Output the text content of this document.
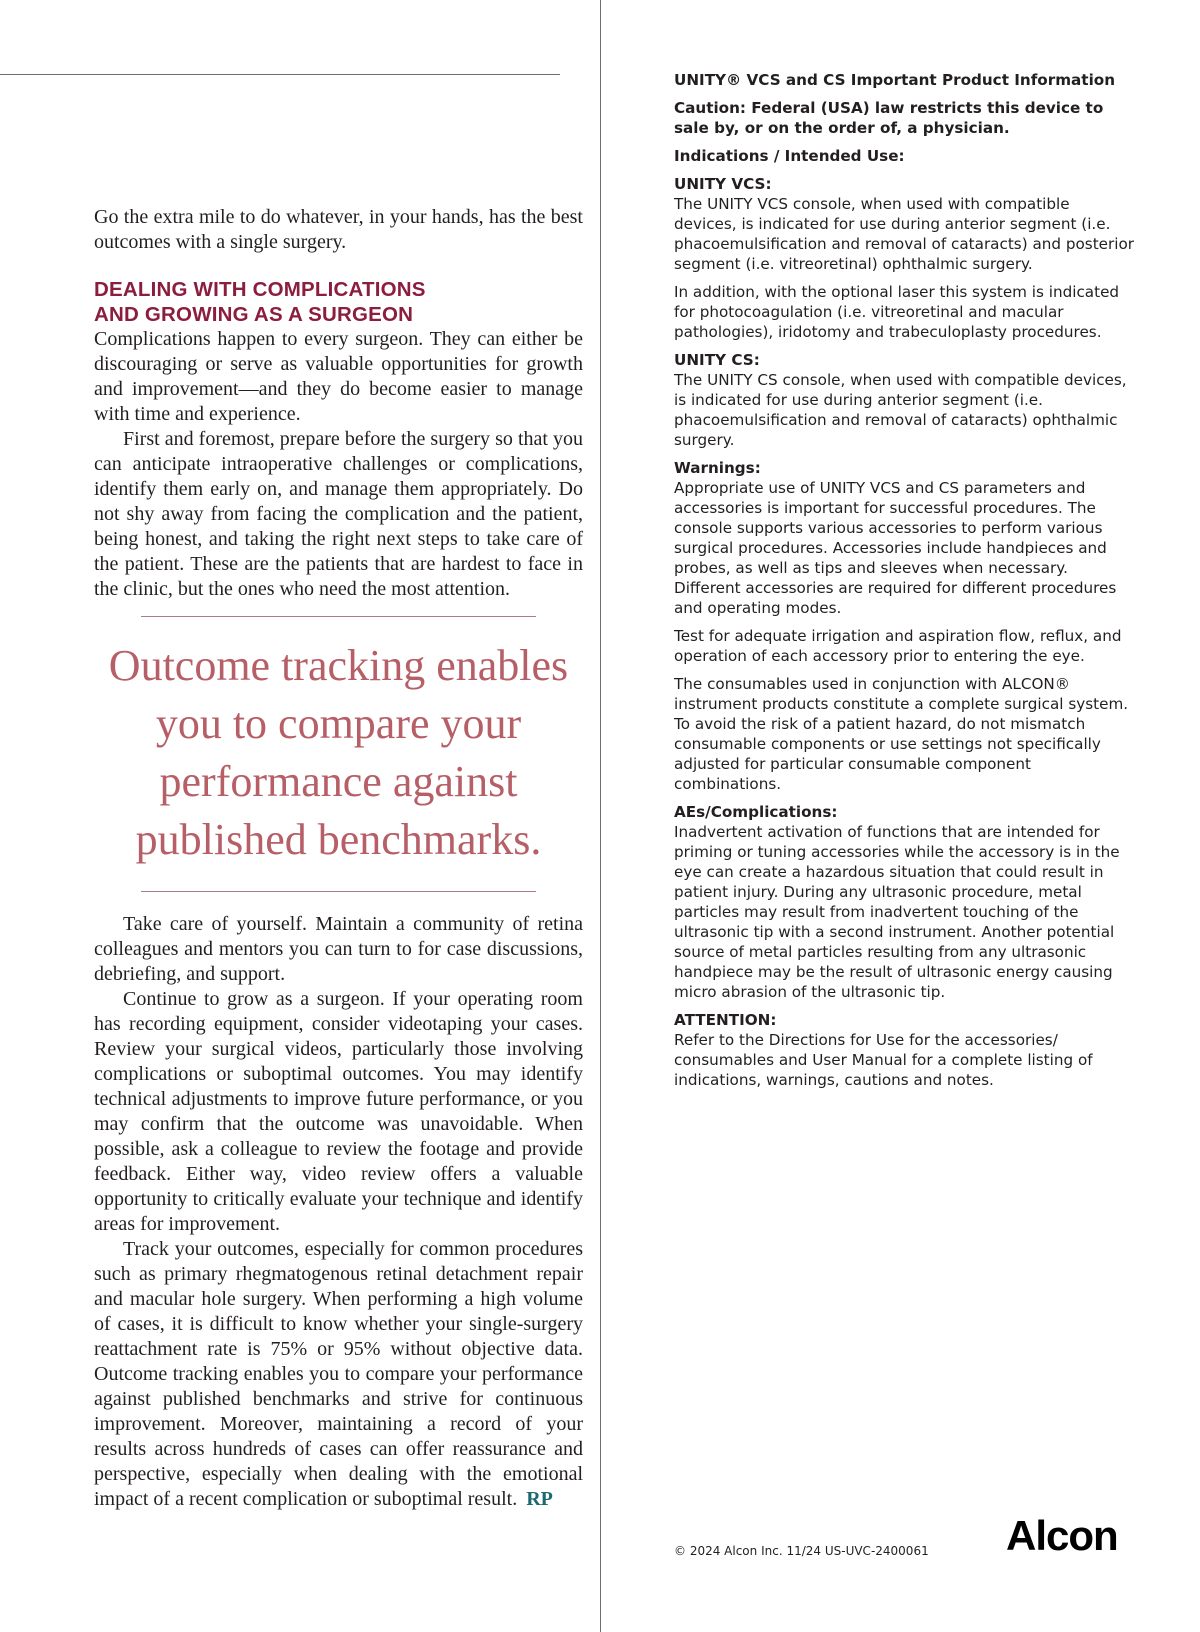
Go the extra mile to do whatever, in your hands, has the best outcomes with a single surgery.

DEALING WITH COMPLICATIONS
AND GROWING AS A SURGEON

Complications happen to every surgeon. They can either be discouraging or serve as valuable opportunities for growth and improvement—and they do become easier to manage with time and experience.

First and foremost, prepare before the surgery so that you can anticipate intraoperative challenges or complications, identify them early on, and manage them appropriately. Do not shy away from facing the complication and the patient, being honest, and taking the right next steps to take care of the patient. These are the patients that are hardest to face in the clinic, but the ones who need the most attention.

Outcome tracking enables you to compare your performance against published benchmarks.

Take care of yourself. Maintain a community of retina colleagues and mentors you can turn to for case discussions, debriefing, and support.

Continue to grow as a surgeon. If your operating room has recording equipment, consider videotaping your cases. Review your surgical videos, particularly those involving complications or suboptimal outcomes. You may identify technical adjustments to improve future performance, or you may confirm that the outcome was unavoidable. When possible, ask a colleague to review the footage and provide feedback. Either way, video review offers a valuable opportunity to critically evaluate your technique and identify areas for improvement.

Track your outcomes, especially for common procedures such as primary rhegmatogenous retinal detachment repair and macular hole surgery. When performing a high volume of cases, it is difficult to know whether your single-surgery reattachment rate is 75% or 95% without objective data. Outcome tracking enables you to compare your performance against published benchmarks and strive for continuous improvement. Moreover, maintaining a record of your results across hundreds of cases can offer reassurance and perspective, especially when dealing with the emotional impact of a recent complication or suboptimal result. RP

UNITY® VCS and CS Important Product Information

Caution: Federal (USA) law restricts this device to sale by, or on the order of, a physician.

Indications / Intended Use:

UNITY VCS:

The UNITY VCS console, when used with compatible devices, is indicated for use during anterior segment (i.e. phacoemulsification and removal of cataracts) and posterior segment (i.e. vitreoretinal) ophthalmic surgery.

In addition, with the optional laser this system is indicated for photocoagulation (i.e. vitreoretinal and macular pathologies), iridotomy and trabeculoplasty procedures.

UNITY CS:

The UNITY CS console, when used with compatible devices, is indicated for use during anterior segment (i.e. phacoemulsification and removal of cataracts) ophthalmic surgery.

Warnings:

Appropriate use of UNITY VCS and CS parameters and accessories is important for successful procedures. The console supports various accessories to perform various surgical procedures. Accessories include handpieces and probes, as well as tips and sleeves when necessary. Different accessories are required for different procedures and operating modes.

Test for adequate irrigation and aspiration flow, reflux, and operation of each accessory prior to entering the eye.

The consumables used in conjunction with ALCON® instrument products constitute a complete surgical system. To avoid the risk of a patient hazard, do not mismatch consumable components or use settings not specifically adjusted for particular consumable component combinations.

AEs/Complications:

Inadvertent activation of functions that are intended for priming or tuning accessories while the accessory is in the eye can create a hazardous situation that could result in patient injury. During any ultrasonic procedure, metal particles may result from inadvertent touching of the ultrasonic tip with a second instrument. Another potential source of metal particles resulting from any ultrasonic handpiece may be the result of ultrasonic energy causing micro abrasion of the ultrasonic tip.

ATTENTION:

Refer to the Directions for Use for the accessories/ consumables and User Manual for a complete listing of indications, warnings, cautions and notes.

© 2024 Alcon Inc. 11/24 US-UVC-2400061 Alcon
